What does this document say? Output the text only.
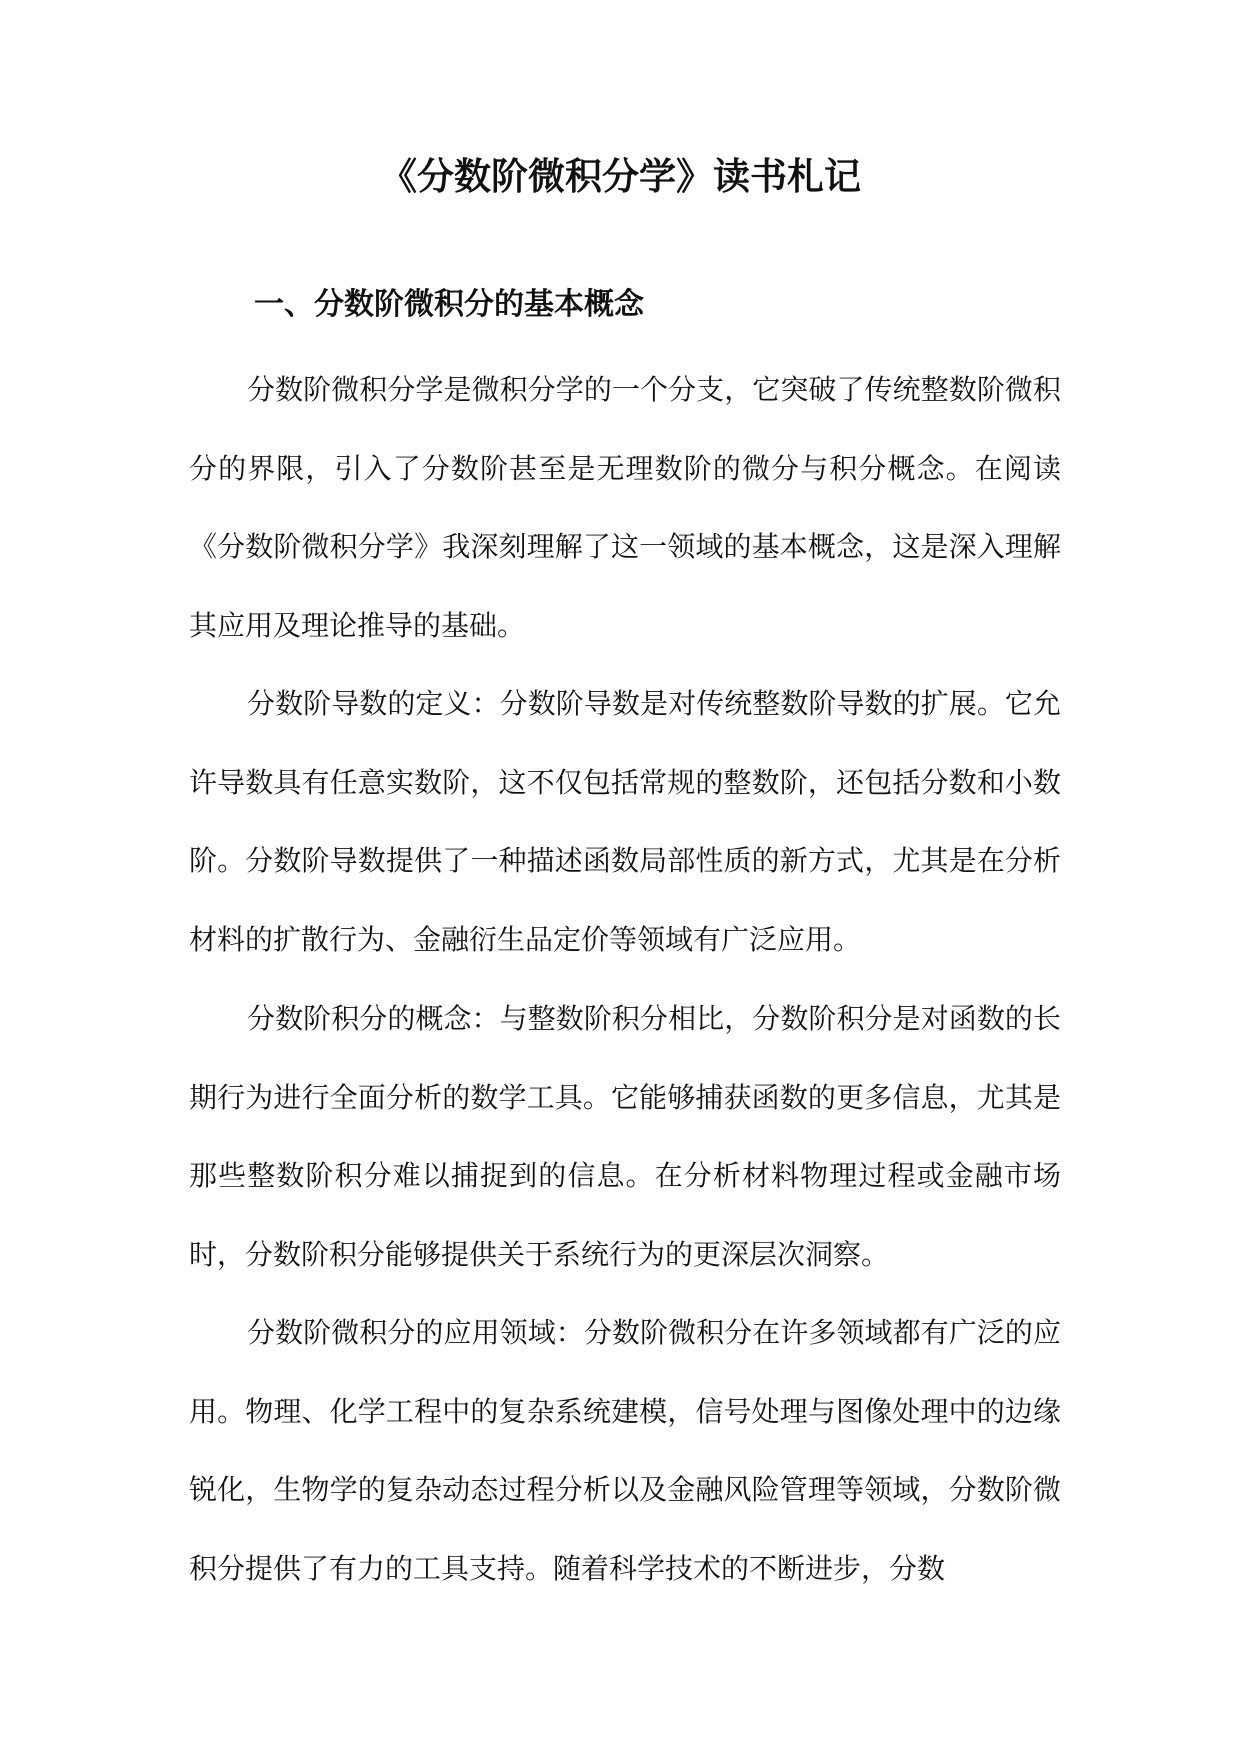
《分数阶微积分学》读书札记
一、分数阶微积分的基本概念

分数阶微积分学是微积分学的一个分支，它突破了传统整数阶微积分的界限，引入了分数阶甚至是无理数阶的微分与积分概念。在阅读《分数阶微积分学》我深刻理解了这一领域的基本概念，这是深入理解其应用及理论推导的基础。

分数阶导数的定义：分数阶导数是对传统整数阶导数的扩展。它允许导数具有任意实数阶，这不仅包括常规的整数阶，还包括分数和小数阶。分数阶导数提供了一种描述函数局部性质的新方式，尤其是在分析材料的扩散行为、金融衍生品定价等领域有广泛应用。

分数阶积分的概念：与整数阶积分相比，分数阶积分是对函数的长期行为进行全面分析的数学工具。它能够捕获函数的更多信息，尤其是那些整数阶积分难以捕捉到的信息。在分析材料物理过程或金融市场时，分数阶积分能够提供关于系统行为的更深层次洞察。

分数阶微积分的应用领域：分数阶微积分在许多领域都有广泛的应用。物理、化学工程中的复杂系统建模，信号处理与图像处理中的边缘锐化，生物学的复杂动态过程分析以及金融风险管理等领域，分数阶微积分提供了有力的工具支持。随着科学技术的不断进步，分数
